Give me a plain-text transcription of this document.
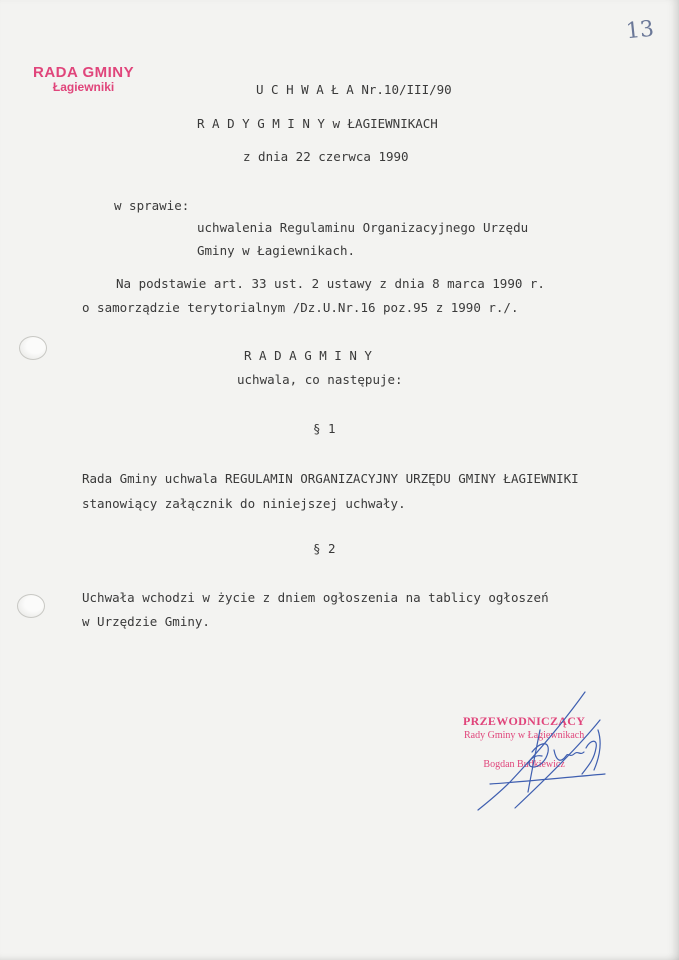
13
RADA GMINY
Łagiewniki	U C H W A Ł A Nr.10/III/90
R A D Y G M I N Y w ŁAGIEWNIKACH
z dnia 22 czerwca 1990
w sprawie:
uchwalenia Regulaminu Organizacyjnego Urzędu
Gminy w Łagiewnikach.
Na podstawie art. 33 ust. 2 ustawy z dnia 8 marca 1990 r.
o samorządzie terytorialnym /Dz.U.Nr.16 poz.95 z 1990 r./.
R A D A G M I N Y
uchwala, co następuje:
§ 1
Rada Gminy uchwala REGULAMIN ORGANIZACYJNY URZĘDU GMINY ŁAGIEWNIKI
stanowiący załącznik do niniejszej uchwały.
§ 2
Uchwała wchodzi w życie z dniem ogłoszenia na tablicy ogłoszeń
w Urzędzie Gminy.
PRZEWODNICZĄCY
Rady Gminy w Łagiewnikach
Bogdan Budkiewicz
